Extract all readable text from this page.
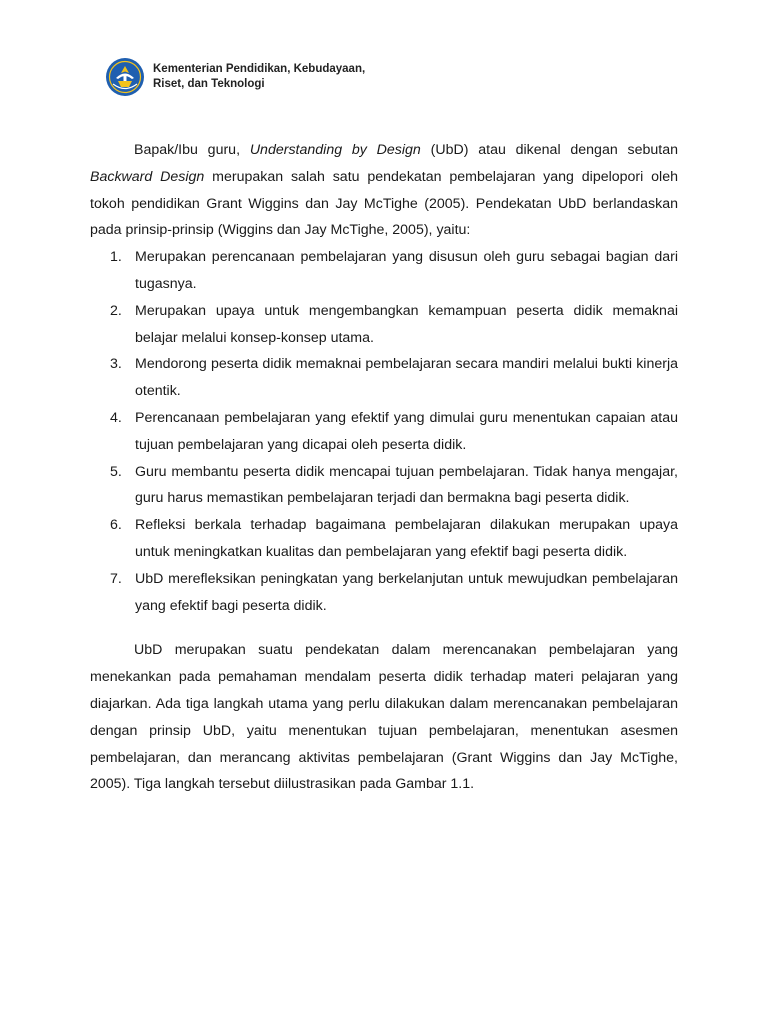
Kementerian Pendidikan, Kebudayaan,
Riset, dan Teknologi

Bapak/Ibu guru, Understanding by Design (UbD) atau dikenal dengan sebutan Backward Design merupakan salah satu pendekatan pembelajaran yang dipelopori oleh tokoh pendidikan Grant Wiggins dan Jay McTighe (2005). Pendekatan UbD berlandaskan pada prinsip-prinsip (Wiggins dan Jay McTighe, 2005), yaitu:

1. Merupakan perencanaan pembelajaran yang disusun oleh guru sebagai bagian dari tugasnya.
2. Merupakan upaya untuk mengembangkan kemampuan peserta didik memaknai belajar melalui konsep-konsep utama.
3. Mendorong peserta didik memaknai pembelajaran secara mandiri melalui bukti kinerja otentik.
4. Perencanaan pembelajaran yang efektif yang dimulai guru menentukan capaian atau tujuan pembelajaran yang dicapai oleh peserta didik.
5. Guru membantu peserta didik mencapai tujuan pembelajaran. Tidak hanya mengajar, guru harus memastikan pembelajaran terjadi dan bermakna bagi peserta didik.
6. Refleksi berkala terhadap bagaimana pembelajaran dilakukan merupakan upaya untuk meningkatkan kualitas dan pembelajaran yang efektif bagi peserta didik.
7. UbD merefleksikan peningkatan yang berkelanjutan untuk mewujudkan pembelajaran yang efektif bagi peserta didik.

UbD merupakan suatu pendekatan dalam merencanakan pembelajaran yang menekankan pada pemahaman mendalam peserta didik terhadap materi pelajaran yang diajarkan. Ada tiga langkah utama yang perlu dilakukan dalam merencanakan pembelajaran dengan prinsip UbD, yaitu menentukan tujuan pembelajaran, menentukan asesmen pembelajaran, dan merancang aktivitas pembelajaran (Grant Wiggins dan Jay McTighe, 2005). Tiga langkah tersebut diilustrasikan pada Gambar 1.1.
